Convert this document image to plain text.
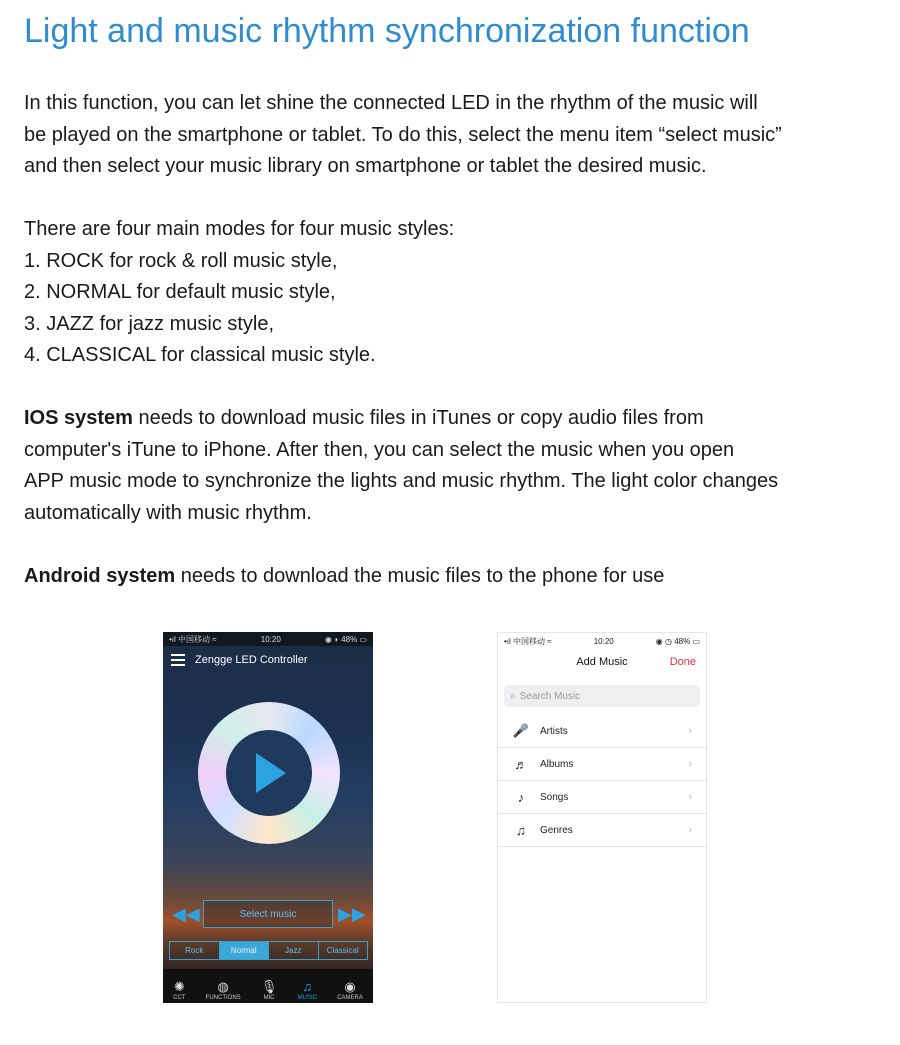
Light and music rhythm synchronization function

In this function, you can let shine the connected LED in the rhythm of the music will

be played on the smartphone or tablet. To do this, select the menu item “select music”

and then select your music library on smartphone or tablet the desired music.

There are four main modes for four music styles:

1. ROCK for rock & roll music style,

2. NORMAL for default music style,

3. JAZZ for jazz music style,

4. CLASSICAL for classical music style.

IOS system needs to download music files in iTunes or copy audio files from

computer's iTune to iPhone. After then, you can select the music when you open

APP music mode to synchronize the lights and music rhythm. The light color changes

automatically with music rhythm.

Android system needs to download the music files to the phone for use

•ıl 中国移动 ≈	10:20	◉ ◗ 48% ▭
Zengge LED Controller
◀◀	Select music	▶▶
Rock	Normal	Jazz	Classical
✺
CCT
◍
FUNCTIONS
🎙
MIC
♫
MUSIC
◉
CAMERA
•ıl 中国移动 ≈	10:20	◉ ◷ 48% ▭
Add Music	Done
⌕ Search Music
🎤 Artists	›
♬ Albums	›
♪	Songs	›
♫	Genres	›
